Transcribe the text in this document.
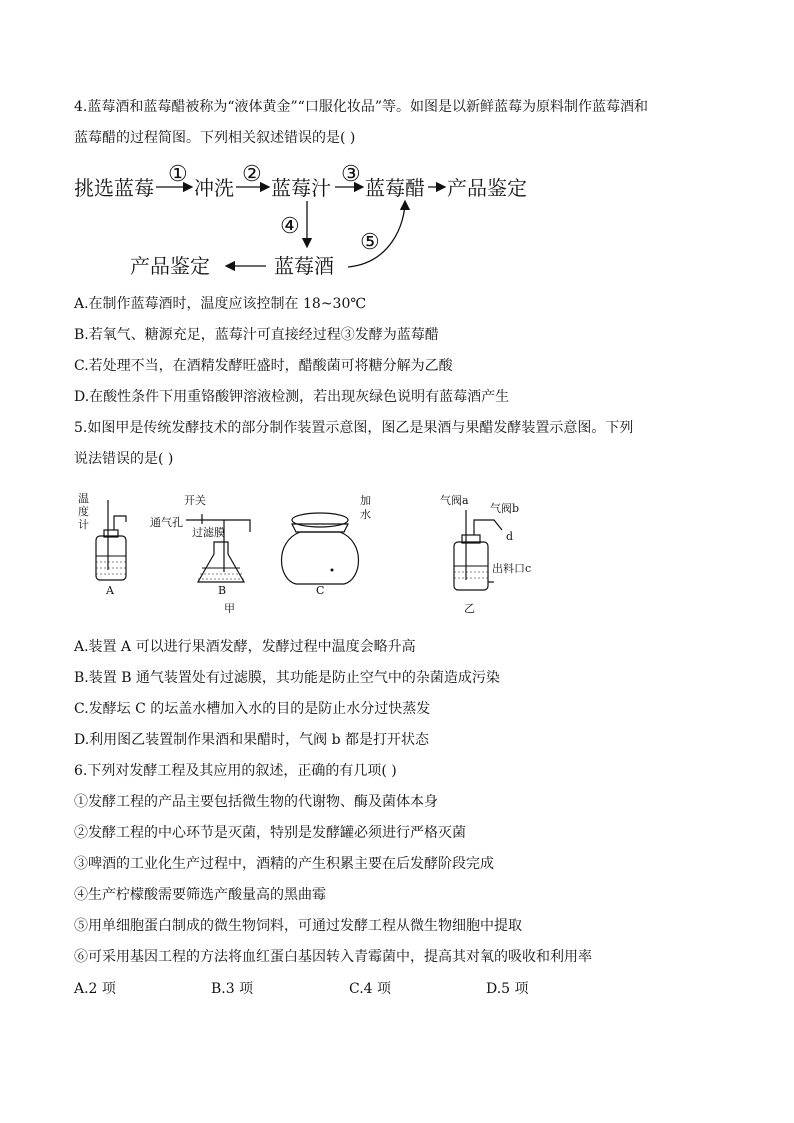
4.蓝莓酒和蓝莓醋被称为“液体黄金”“口服化妆品”等。如图是以新鲜蓝莓为原料制作蓝莓酒和
蓝莓醋的过程简图。下列相关叙述错误的是( )
挑选蓝莓 冲洗 蓝莓汁 蓝莓醋 产品鉴定
① ②	③
④
蓝莓酒
产品鉴定
⑤
A.在制作蓝莓酒时，温度应该控制在 18~30℃
B.若氧气、糖源充足，蓝莓汁可直接经过程③发酵为蓝莓醋
C.若处理不当，在酒精发酵旺盛时，醋酸菌可将糖分解为乙酸
D.在酸性条件下用重铬酸钾溶液检测，若出现灰绿色说明有蓝莓酒产生
5.如图甲是传统发酵技术的部分制作装置示意图，图乙是果酒与果醋发酵装置示意图。下列
说法错误的是( )
温
度
计
A
开关
通气孔
过滤膜
B
甲
加
水
C
气阀a
气阀b
d
出料口c
乙
A.装置 A 可以进行果酒发酵，发酵过程中温度会略升高
B.装置 B 通气装置处有过滤膜，其功能是防止空气中的杂菌造成污染
C.发酵坛 C 的坛盖水槽加入水的目的是防止水分过快蒸发
D.利用图乙装置制作果酒和果醋时，气阀 b 都是打开状态
6.下列对发酵工程及其应用的叙述，正确的有几项( )
①发酵工程的产品主要包括微生物的代谢物、酶及菌体本身
②发酵工程的中心环节是灭菌，特别是发酵罐必须进行严格灭菌
③啤酒的工业化生产过程中，酒精的产生积累主要在后发酵阶段完成
④生产柠檬酸需要筛选产酸量高的黑曲霉
⑤用单细胞蛋白制成的微生物饲料，可通过发酵工程从微生物细胞中提取
⑥可采用基因工程的方法将血红蛋白基因转入青霉菌中，提高其对氧的吸收和利用率
A.2 项	B.3 项	C.4 项	D.5 项
